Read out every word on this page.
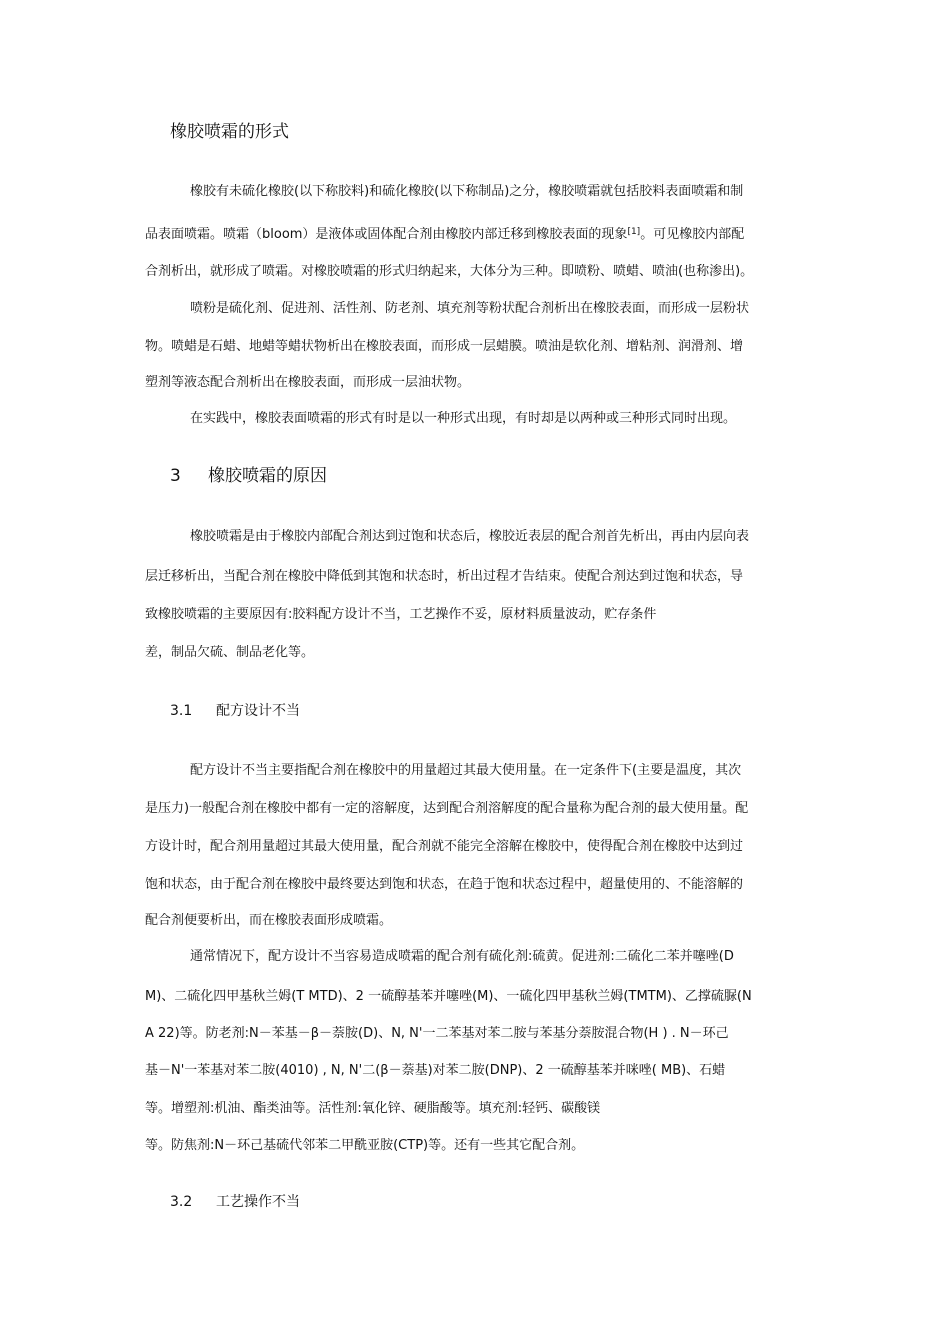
橡胶喷霜的形式
橡胶有未硫化橡胶(以下称胶料)和硫化橡胶(以下称制品)之分，橡胶喷霜就包括胶料表面喷霜和制
品表面喷霜。喷霜（bloom）是液体或固体配合剂由橡胶内部迁移到橡胶表面的现象[1]。可见橡胶内部配
合剂析出，就形成了喷霜。对橡胶喷霜的形式归纳起来，大体分为三种。即喷粉、喷蜡、喷油(也称渗出)。
喷粉是硫化剂、促进剂、活性剂、防老剂、填充剂等粉状配合剂析出在橡胶表面，而形成一层粉状
物。喷蜡是石蜡、地蜡等蜡状物析出在橡胶表面，而形成一层蜡膜。喷油是软化剂、增粘剂、润滑剂、增
塑剂等液态配合剂析出在橡胶表面，而形成一层油状物。
在实践中，橡胶表面喷霜的形式有时是以一种形式出现，有时却是以两种或三种形式同时出现。
3 橡胶喷霜的原因
橡胶喷霜是由于橡胶内部配合剂达到过饱和状态后，橡胶近表层的配合剂首先析出，再由内层向表
层迁移析出，当配合剂在橡胶中降低到其饱和状态时，析出过程才告结束。使配合剂达到过饱和状态，导
致橡胶喷霜的主要原因有:胶料配方设计不当，工艺操作不妥，原材料质量波动，贮存条件
差，制品欠硫、制品老化等。
3.1 配方设计不当
配方设计不当主要指配合剂在橡胶中的用量超过其最大使用量。在一定条件下(主要是温度，其次
是压力)一般配合剂在橡胶中都有一定的溶解度，达到配合剂溶解度的配合量称为配合剂的最大使用量。配
方设计时，配合剂用量超过其最大使用量，配合剂就不能完全溶解在橡胶中，使得配合剂在橡胶中达到过
饱和状态，由于配合剂在橡胶中最终要达到饱和状态，在趋于饱和状态过程中，超量使用的、不能溶解的
配合剂便要析出，而在橡胶表面形成喷霜。
通常情况下，配方设计不当容易造成喷霜的配合剂有硫化剂:硫黄。促进剂:二硫化二苯并噻唑(D
M)、二硫化四甲基秋兰姆(T MTD)、2 一硫醇基苯并噻唑(M)、一硫化四甲基秋兰姆(TMTM)、乙撑硫脲(N
A 22)等。防老剂:N－苯基－β－萘胺(D)、N, N'一二苯基对苯二胺与苯基分萘胺混合物(H ) . N－环己
基－N'一苯基对苯二胺(4010) , N, N'二(β－萘基)对苯二胺(DNP)、2 一硫醇基苯并咪唑( MB)、石蜡
等。增塑剂:机油、酯类油等。活性剂:氧化锌、硬脂酸等。填充剂:轻钙、碳酸镁
等。防焦剂:N－环己基硫代邻苯二甲酰亚胺(CTP)等。还有一些其它配合剂。
3.2 工艺操作不当
